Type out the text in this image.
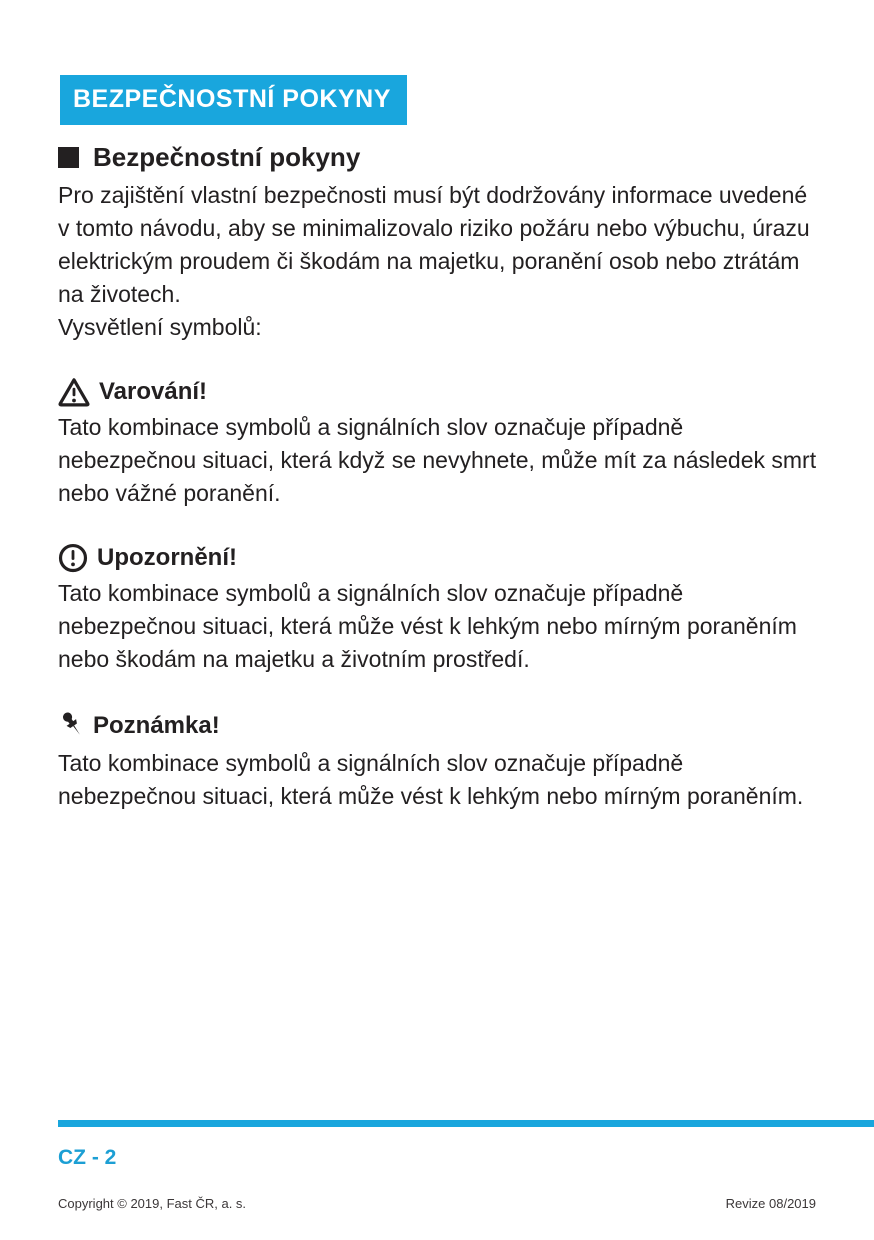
BEZPEČNOSTNÍ POKYNY
Bezpečnostní pokyny

Pro zajištění vlastní bezpečnosti musí být dodržovány informace uvedené v tomto návodu, aby se minimalizovalo riziko požáru nebo výbuchu, úrazu elektrickým proudem či škodám na majetku, poranění osob nebo ztrátám na životech.

Vysvětlení symbolů:

Varování!

Tato kombinace symbolů a signálních slov označuje případně nebezpečnou situaci, která když se nevyhnete, může mít za následek smrt nebo vážné poranění.

Upozornění!

Tato kombinace symbolů a signálních slov označuje případně nebezpečnou situaci, která může vést k lehkým nebo mírným poraněním nebo škodám na majetku a životním prostředí.

Poznámka!

Tato kombinace symbolů a signálních slov označuje případně nebezpečnou situaci, která může vést k lehkým nebo mírným poraněním.

CZ - 2
Copyright © 2019, Fast ČR, a. s.	Revize 08/2019
